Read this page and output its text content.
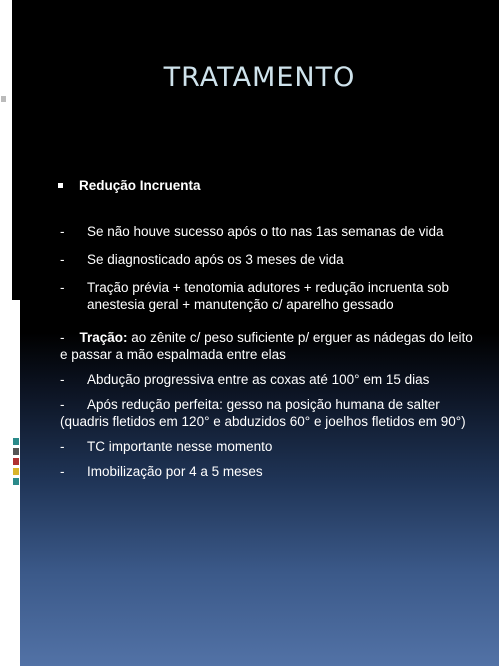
TRATAMENTO
Redução Incruenta
-	Se não houve sucesso após o tto nas 1as semanas de vida
-	Se diagnosticado após os 3 meses de vida
-	Tração prévia + tenotomia adutores + redução incruenta sob anestesia geral + manutenção c/ aparelho gessado
- Tração: ao zênite c/ peso suficiente p/ erguer as nádegas do leito e passar a mão espalmada entre elas
- Abdução progressiva entre as coxas até 100° em 15 dias
- Após redução perfeita: gesso na posição humana de salter (quadris fletidos em 120° e abduzidos 60° e joelhos fletidos em 90°)
- TC importante nesse momento
- Imobilização por 4 a 5 meses
